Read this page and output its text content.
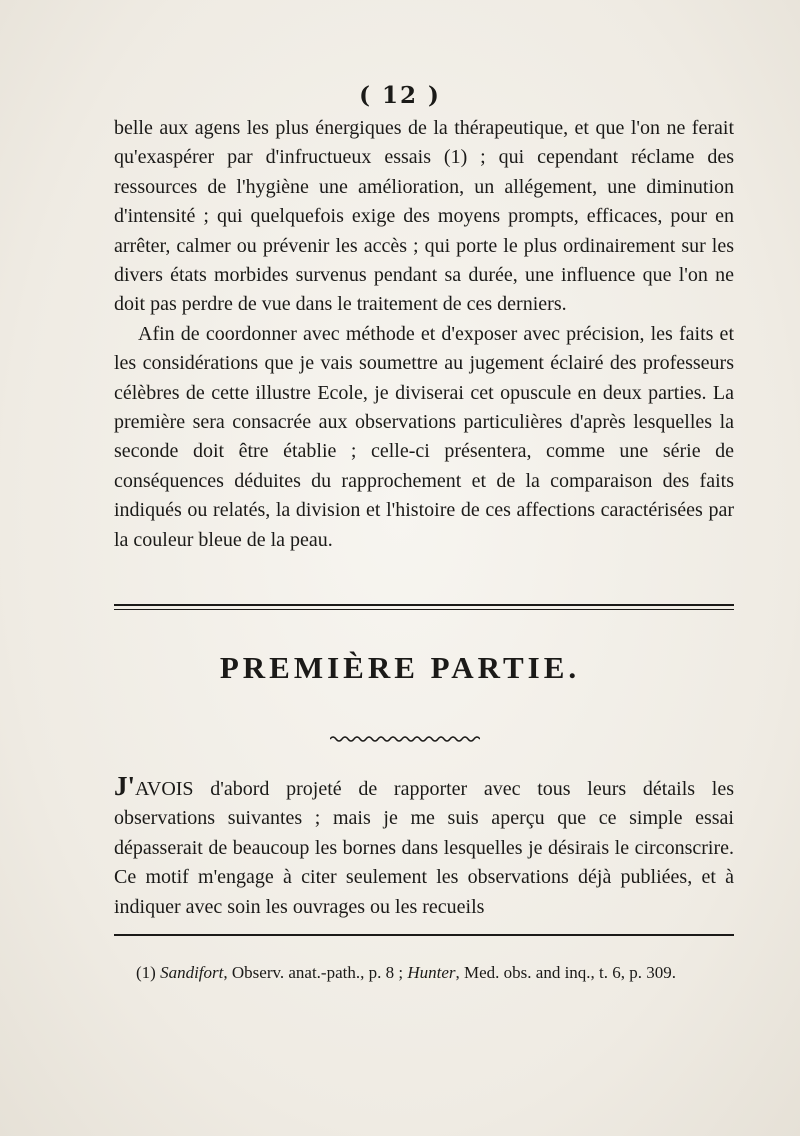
( 12 )

belle aux agens les plus énergiques de la thérapeutique, et que l'on ne ferait qu'exaspérer par d'infructueux essais (1) ; qui cependant réclame des ressources de l'hygiène une amélioration, un allégement, une diminution d'intensité ; qui quelquefois exige des moyens prompts, efficaces, pour en arrêter, calmer ou prévenir les accès ; qui porte le plus ordinairement sur les divers états morbides survenus pendant sa durée, une influence que l'on ne doit pas perdre de vue dans le traitement de ces derniers.

Afin de coordonner avec méthode et d'exposer avec précision, les faits et les considérations que je vais soumettre au jugement éclairé des professeurs célèbres de cette illustre Ecole, je diviserai cet opuscule en deux parties. La première sera consacrée aux observations particulières d'après lesquelles la seconde doit être établie ; celle-ci présentera, comme une série de conséquences déduites du rapprochement et de la comparaison des faits indiqués ou relatés, la division et l'histoire de ces affections caractérisées par la couleur bleue de la peau.

PREMIÈRE PARTIE.

J'AVOIS d'abord projeté de rapporter avec tous leurs détails les observations suivantes ; mais je me suis aperçu que ce simple essai dépasserait de beaucoup les bornes dans lesquelles je désirais le circonscrire. Ce motif m'engage à citer seulement les observations déjà publiées, et à indiquer avec soin les ouvrages ou les recueils

(1) Sandifort, Observ. anat.-path., p. 8 ; Hunter, Med. obs. and inq., t. 6, p. 309.
